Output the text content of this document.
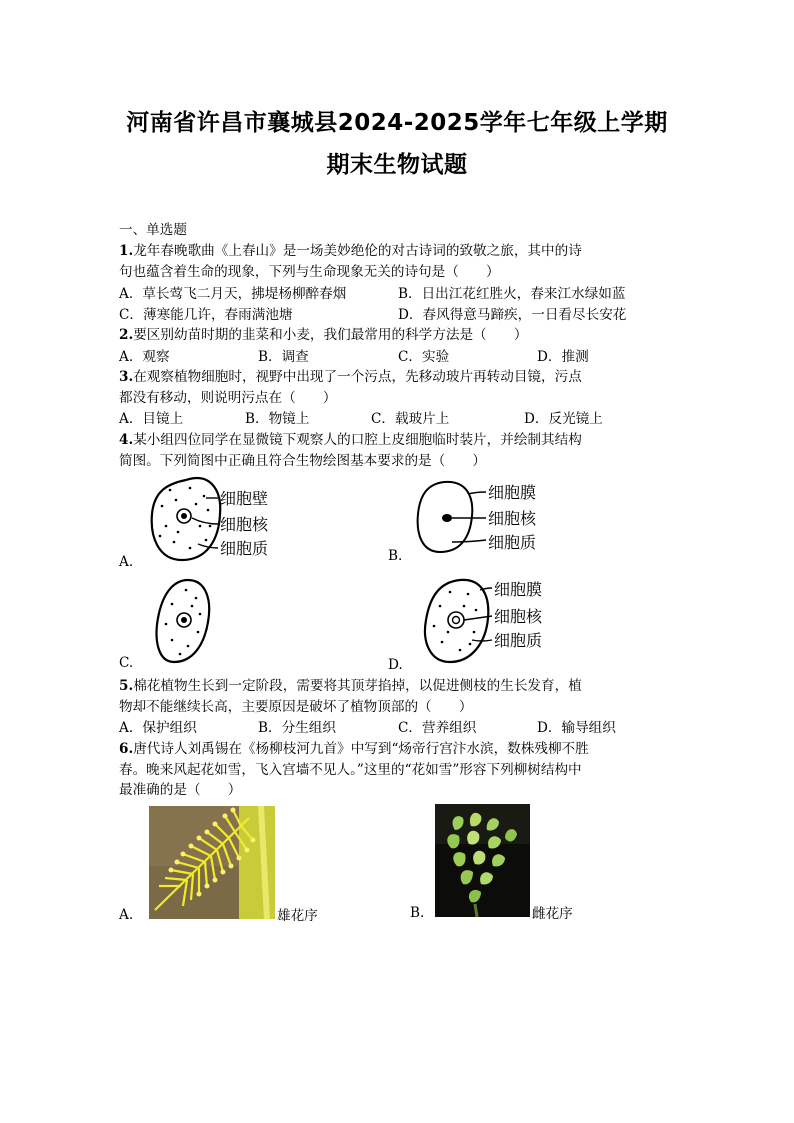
河南省许昌市襄城县2024-2025学年七年级上学期
期末生物试题

一、单选题

1.龙年春晚歌曲《上春山》是一场美妙绝伦的对古诗词的致敬之旅，其中的诗

句也蕴含着生命的现象，下列与生命现象无关的诗句是（　　）

A．草长莺飞二月天，拂堤杨柳醉春烟	B．日出江花红胜火，春来江水绿如蓝
C．薄寒能几许，春雨满池塘	D．春风得意马蹄疾，一日看尽长安花

2.要区别幼苗时期的韭菜和小麦，我们最常用的科学方法是（　　）

A．观察	B．调查	C．实验	D．推测

3.在观察植物细胞时，视野中出现了一个污点，先移动玻片再转动目镜，污点

都没有移动，则说明污点在（　　）

A．目镜上	B．物镜上	C．载玻片上	D．反光镜上

4.某小组四位同学在显微镜下观察人的口腔上皮细胞临时装片，并绘制其结构

简图。下列简图中正确且符合生物绘图基本要求的是（　　）

细胞壁
细胞核
细胞质
A.
细胞膜
细胞核
细胞质
B.
C.
细胞膜
细胞核
细胞质
D.

5.棉花植物生长到一定阶段，需要将其顶芽掐掉，以促进侧枝的生长发育，植

物却不能继续长高，主要原因是破坏了植物顶部的（　　）

A．保护组织	B．分生组织	C．营养组织	D．输导组织

6.唐代诗人刘禹锡在《杨柳枝河九首》中写到“炀帝行宫汴水滨，数株残柳不胜

春。晚来风起花如雪，飞入宫墙不见人。”这里的“花如雪”形容下列柳树结构中

最准确的是（　　）

A.	雄花序	B.	雌花序
